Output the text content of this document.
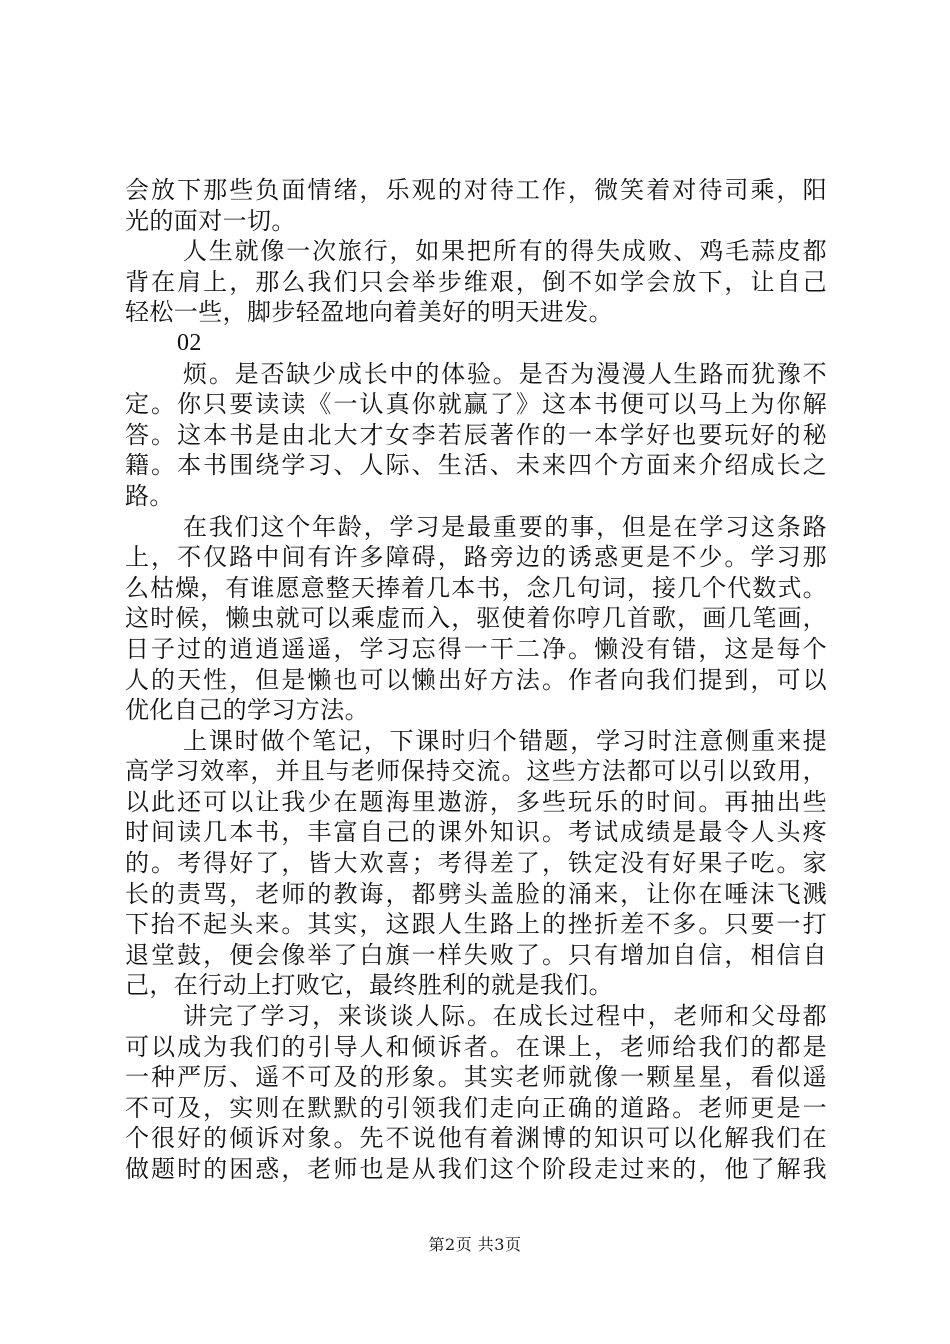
会放下那些负面情绪，乐观的对待工作，微笑着对待司乘，阳
光的面对一切。
人生就像一次旅行，如果把所有的得失成败、鸡毛蒜皮都
背在肩上，那么我们只会举步维艰，倒不如学会放下，让自己
轻松一些，脚步轻盈地向着美好的明天进发。
02
烦。是否缺少成长中的体验。是否为漫漫人生路而犹豫不
定。你只要读读《一认真你就赢了》这本书便可以马上为你解
答。这本书是由北大才女李若辰著作的一本学好也要玩好的秘
籍。本书围绕学习、人际、生活、未来四个方面来介绍成长之
路。
在我们这个年龄，学习是最重要的事，但是在学习这条路
上，不仅路中间有许多障碍，路旁边的诱惑更是不少。学习那
么枯燥，有谁愿意整天捧着几本书，念几句词，接几个代数式。
这时候，懒虫就可以乘虚而入，驱使着你哼几首歌，画几笔画，
日子过的逍逍遥遥，学习忘得一干二净。懒没有错，这是每个
人的天性，但是懒也可以懒出好方法。作者向我们提到，可以
优化自己的学习方法。
上课时做个笔记，下课时归个错题，学习时注意侧重来提
高学习效率，并且与老师保持交流。这些方法都可以引以致用，
以此还可以让我少在题海里遨游，多些玩乐的时间。再抽出些
时间读几本书，丰富自己的课外知识。考试成绩是最令人头疼
的。考得好了，皆大欢喜；考得差了，铁定没有好果子吃。家
长的责骂，老师的教诲，都劈头盖脸的涌来，让你在唾沫飞溅
下抬不起头来。其实，这跟人生路上的挫折差不多。只要一打
退堂鼓，便会像举了白旗一样失败了。只有增加自信，相信自
己，在行动上打败它，最终胜利的就是我们。
讲完了学习，来谈谈人际。在成长过程中，老师和父母都
可以成为我们的引导人和倾诉者。在课上，老师给我们的都是
一种严厉、遥不可及的形象。其实老师就像一颗星星，看似遥
不可及，实则在默默的引领我们走向正确的道路。老师更是一
个很好的倾诉对象。先不说他有着渊博的知识可以化解我们在
做题时的困惑，老师也是从我们这个阶段走过来的，他了解我
第2页 共3页
